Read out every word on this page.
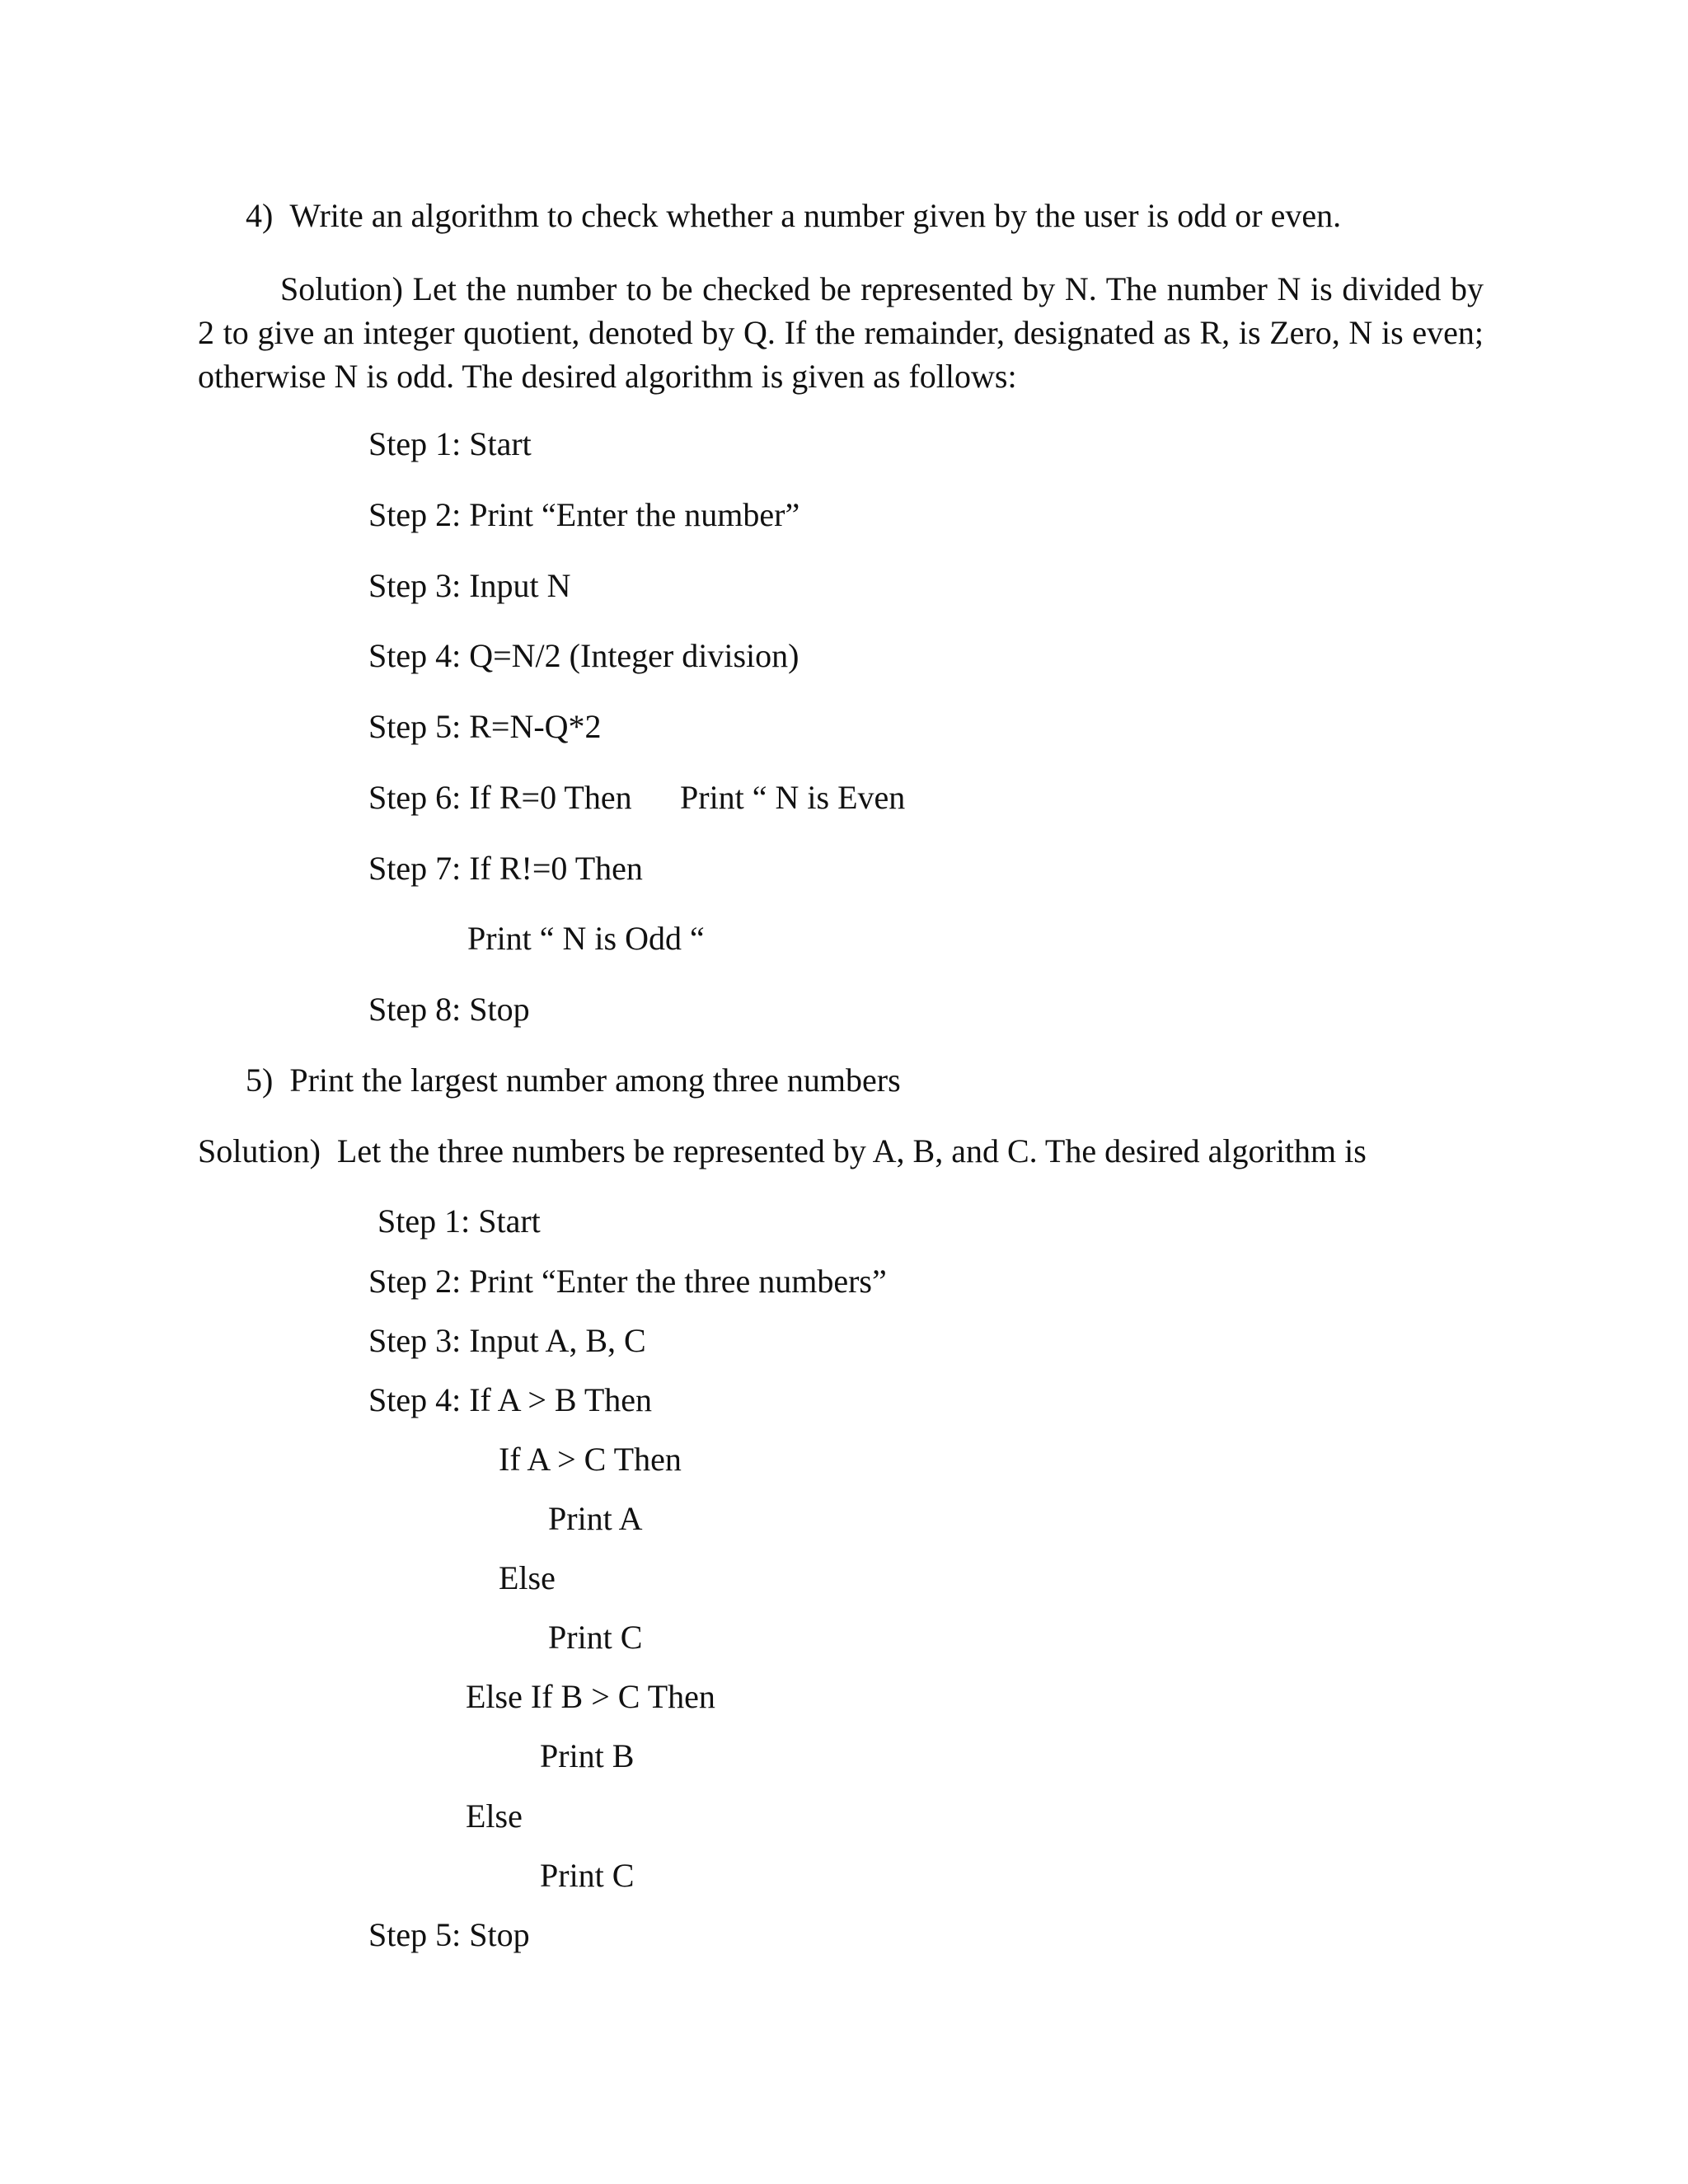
4)  Write an algorithm to check whether a number given by the user is odd or even.

Solution) Let the number to be checked be represented by N. The number N is divided by 2 to give an integer quotient, denoted by Q. If the remainder, designated as R, is Zero, N is even; otherwise N is odd. The desired algorithm is given as follows:

Step 1: Start

Step 2: Print “Enter the number”

Step 3: Input N

Step 4: Q=N/2 (Integer division)

Step 5: R=N-Q*2

Step 6: If R=0 Then Print “ N is Even

Step 7: If R!=0 Then

Print “ N is Odd “

Step 8: Stop

5)  Print the largest number among three numbers

Solution)  Let the three numbers be represented by A, B, and C. The desired algorithm is

Step 1: Start

Step 2: Print “Enter the three numbers”

Step 3: Input A, B, C

Step 4: If A > B Then

If A > C Then

Print A

Else

Print C

Else If B > C Then

Print B

Else

Print C

Step 5: Stop
